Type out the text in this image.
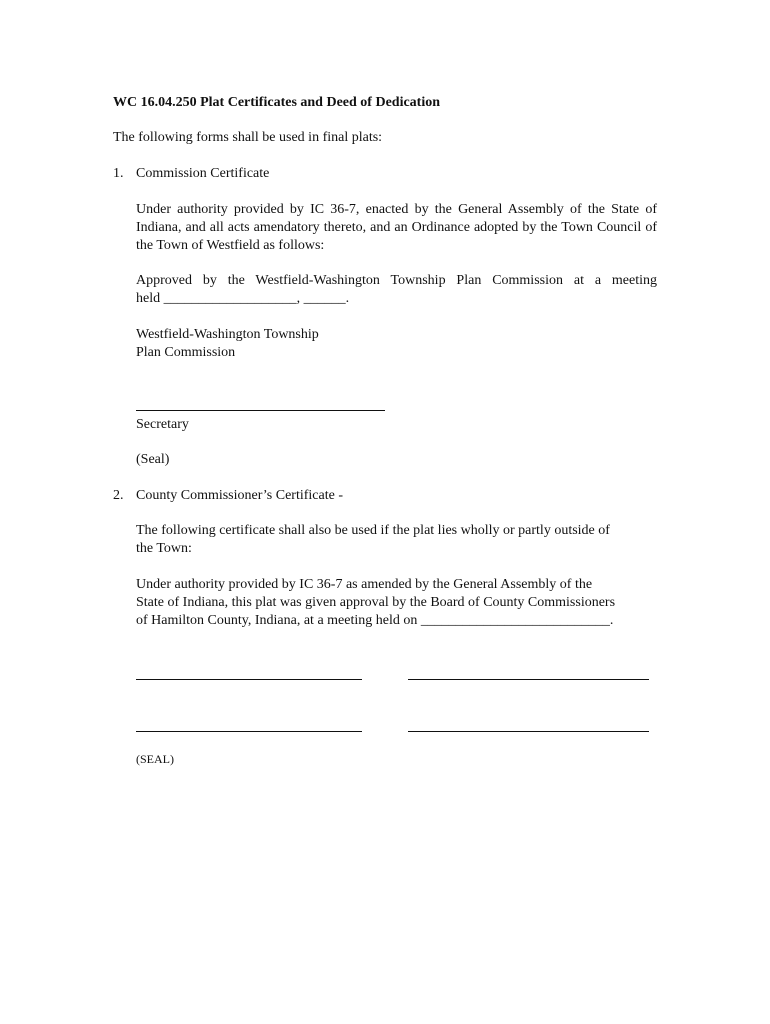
WC 16.04.250 Plat Certificates and Deed of Dedication
The following forms shall be used in final plats:
1. Commission Certificate
Under authority provided by IC 36-7, enacted by the General Assembly of the State of Indiana, and all acts amendatory thereto, and an Ordinance adopted by the Town Council of the Town of Westfield as follows:
Approved by the Westfield-Washington Township Plan Commission at a meeting
held ___________________, ______.
Westfield-Washington Township
Plan Commission
Secretary
(Seal)
2. County Commissioner’s Certificate -
The following certificate shall also be used if the plat lies wholly or partly outside of
the Town:
Under authority provided by IC 36-7 as amended by the General Assembly of the
State of Indiana, this plat was given approval by the Board of County Commissioners
of Hamilton County, Indiana, at a meeting held on ___________________________.
(SEAL)
